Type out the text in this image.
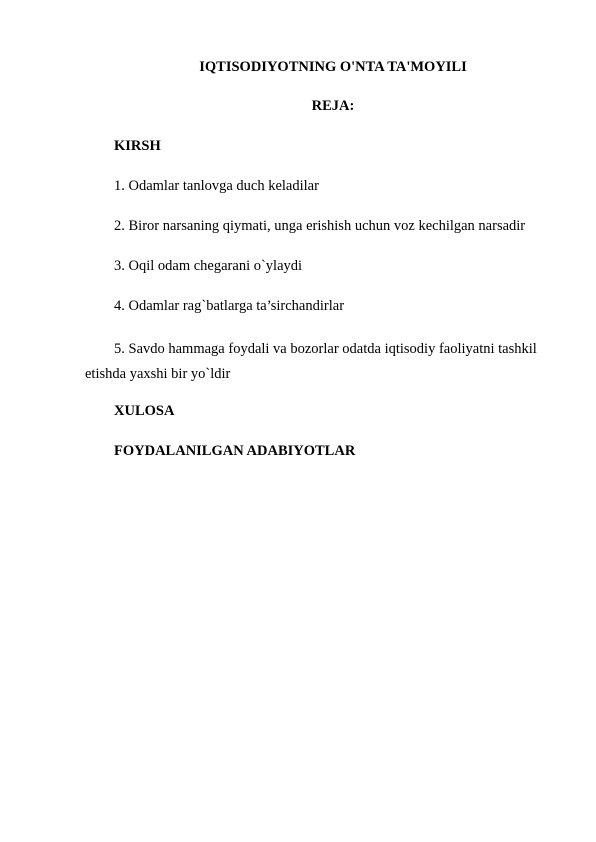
IQTISODIYOTNING O'NTA TA'MOYILI
REJA:
KIRSH
1. Odamlar tanlovga duch keladilar
2. Biror narsaning qiymati, unga erishish uchun voz kechilgan narsadir
3. Oqil odam chegarani o`ylaydi
4. Odamlar rag`batlarga ta’sirchandirlar
5. Savdo hammaga foydali va bozorlar odatda iqtisodiy faoliyatni tashkil etishda yaxshi bir yo`ldir
XULOSA
FOYDALANILGAN ADABIYOTLAR
